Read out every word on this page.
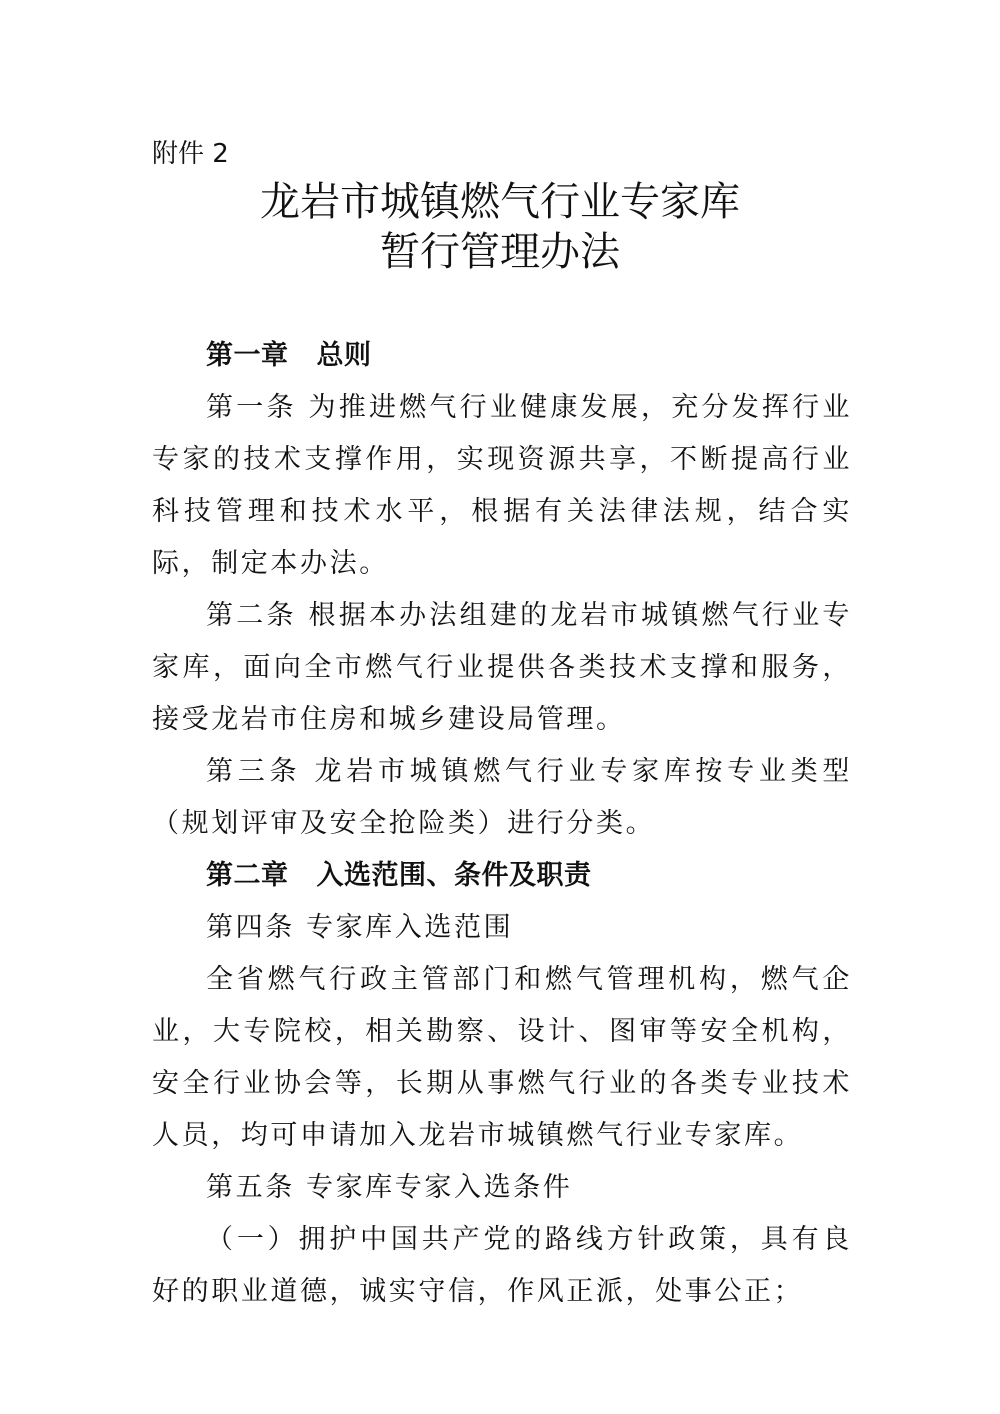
附件 2
龙岩市城镇燃气行业专家库
暂行管理办法

第一章 总则

第一条 为推进燃气行业健康发展，充分发挥行业专家的技术支撑作用，实现资源共享，不断提高行业科技管理和技术水平，根据有关法律法规，结合实际，制定本办法。

第二条 根据本办法组建的龙岩市城镇燃气行业专家库，面向全市燃气行业提供各类技术支撑和服务，接受龙岩市住房和城乡建设局管理。

第三条 龙岩市城镇燃气行业专家库按专业类型（规划评审及安全抢险类）进行分类。

第二章 入选范围、条件及职责

第四条 专家库入选范围

全省燃气行政主管部门和燃气管理机构，燃气企业，大专院校，相关勘察、设计、图审等安全机构，安全行业协会等，长期从事燃气行业的各类专业技术人员，均可申请加入龙岩市城镇燃气行业专家库。

第五条 专家库专家入选条件

（一）拥护中国共产党的路线方针政策，具有良好的职业道德，诚实守信，作风正派，处事公正；
